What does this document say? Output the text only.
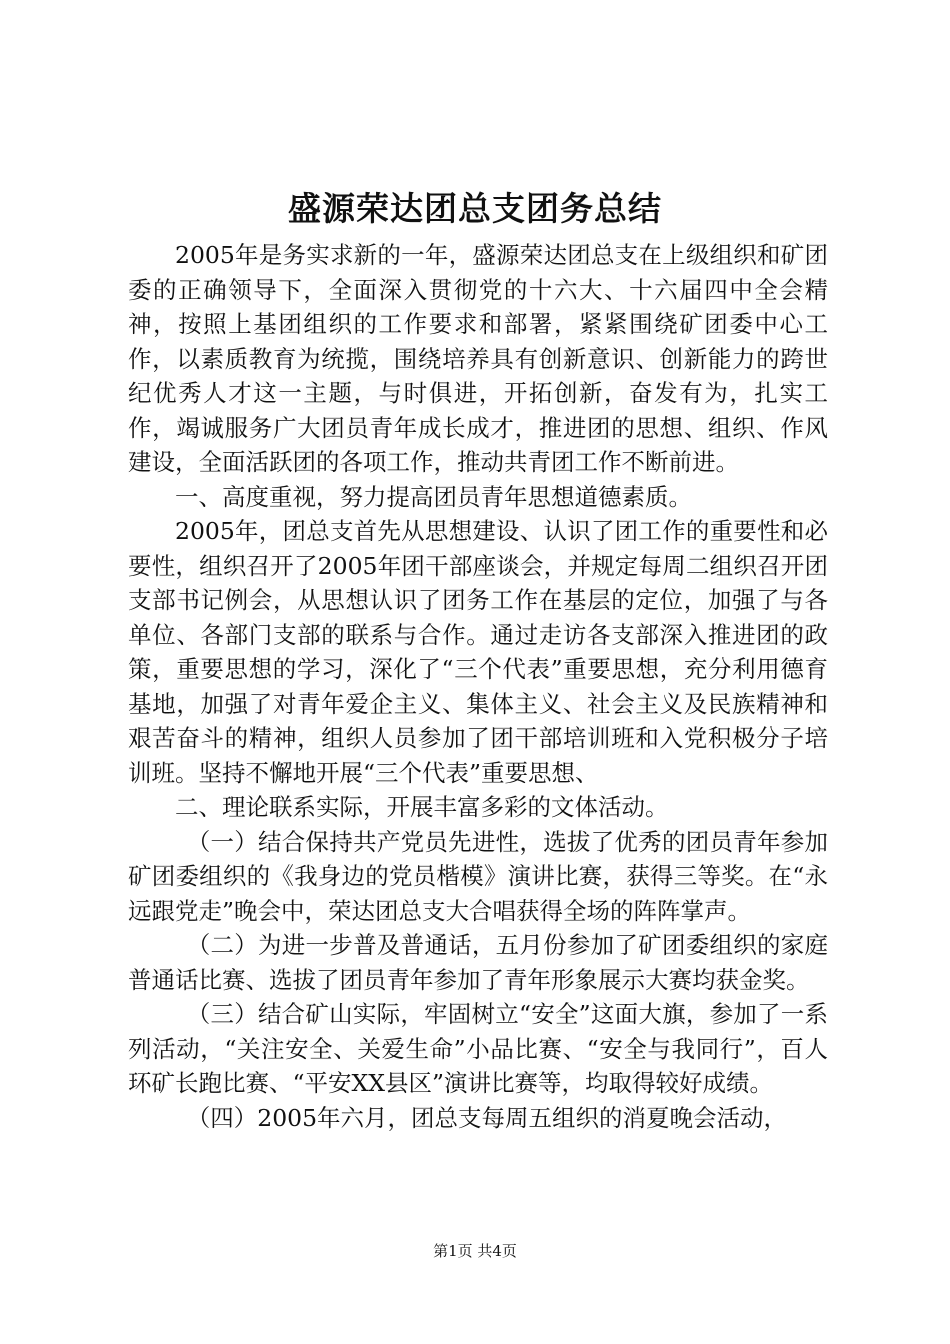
盛源荣达团总支团务总结

2005年是务实求新的一年，盛源荣达团总支在上级组织和矿团委的正确领导下，全面深入贯彻党的十六大、十六届四中全会精神，按照上基团组织的工作要求和部署，紧紧围绕矿团委中心工作，以素质教育为统揽，围绕培养具有创新意识、创新能力的跨世纪优秀人才这一主题，与时俱进，开拓创新，奋发有为，扎实工作，竭诚服务广大团员青年成长成才，推进团的思想、组织、作风建设，全面活跃团的各项工作，推动共青团工作不断前进。

一、高度重视，努力提高团员青年思想道德素质。

2005年，团总支首先从思想建设、认识了团工作的重要性和必要性，组织召开了2005年团干部座谈会，并规定每周二组织召开团支部书记例会，从思想认识了团务工作在基层的定位，加强了与各单位、各部门支部的联系与合作。通过走访各支部深入推进团的政策，重要思想的学习，深化了“三个代表”重要思想，充分利用德育基地，加强了对青年爱企主义、集体主义、社会主义及民族精神和艰苦奋斗的精神，组织人员参加了团干部培训班和入党积极分子培训班。坚持不懈地开展“三个代表”重要思想、

二、理论联系实际，开展丰富多彩的文体活动。

（一）结合保持共产党员先进性，选拔了优秀的团员青年参加矿团委组织的《我身边的党员楷模》演讲比赛，获得三等奖。在“永远跟党走”晚会中，荣达团总支大合唱获得全场的阵阵掌声。

（二）为进一步普及普通话，五月份参加了矿团委组织的家庭普通话比赛、选拔了团员青年参加了青年形象展示大赛均获金奖。

（三）结合矿山实际，牢固树立“安全”这面大旗，参加了一系列活动，“关注安全、关爱生命”小品比赛、“安全与我同行”，百人环矿长跑比赛、“平安XX县区”演讲比赛等，均取得较好成绩。

（四）2005年六月，团总支每周五组织的消夏晚会活动，

第1页 共4页
